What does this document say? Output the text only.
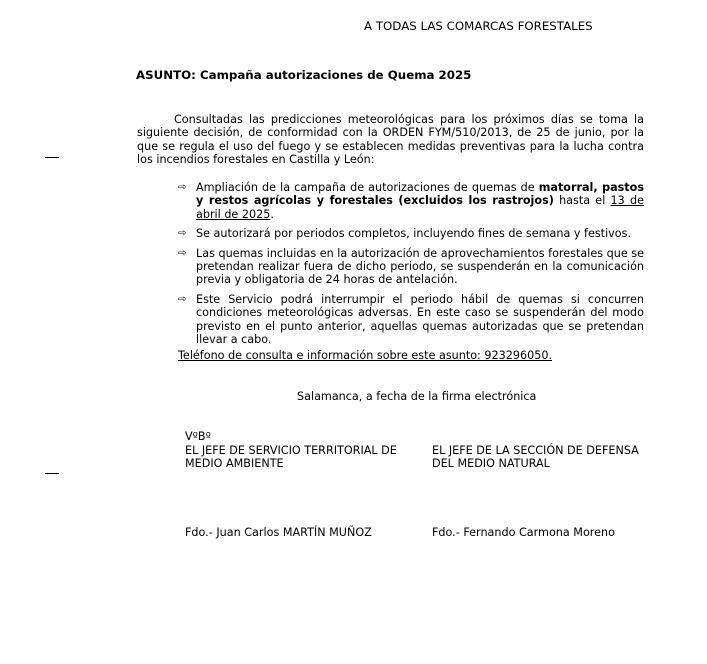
A TODAS LAS COMARCAS FORESTALES
ASUNTO: Campaña autorizaciones de Quema 2025
Consultadas las predicciones meteorológicas para los próximos días se toma la siguiente decisión, de conformidad con la ORDEN FYM/510/2013, de 25 de junio, por la que se regula el uso del fuego y se establecen medidas preventivas para la lucha contra los incendios forestales en Castilla y León:
⇨ Ampliación de la campaña de autorizaciones de quemas de matorral, pastos y restos agrícolas y forestales (excluidos los rastrojos) hasta el 13 de abril de 2025.
⇨ Se autorizará por periodos completos, incluyendo fines de semana y festivos.
⇨ Las quemas incluidas en la autorización de aprovechamientos forestales que se pretendan realizar fuera de dicho periodo, se suspenderán en la comunicación previa y obligatoria de 24 horas de antelación.
⇨ Este Servicio podrá interrumpir el periodo hábil de quemas si concurren condiciones meteorológicas adversas. En este caso se suspenderán del modo previsto en el punto anterior, aquellas quemas autorizadas que se pretendan llevar a cabo.
Teléfono de consulta e información sobre este asunto: 923296050.
Salamanca, a fecha de la firma electrónica
VºBº
EL JEFE DE SERVICIO TERRITORIAL DE MEDIO AMBIENTE
EL JEFE DE LA SECCIÓN DE DEFENSA DEL MEDIO NATURAL
Fdo.- Juan Carlos MARTÍN MUÑOZ	Fdo.- Fernando Carmona Moreno
